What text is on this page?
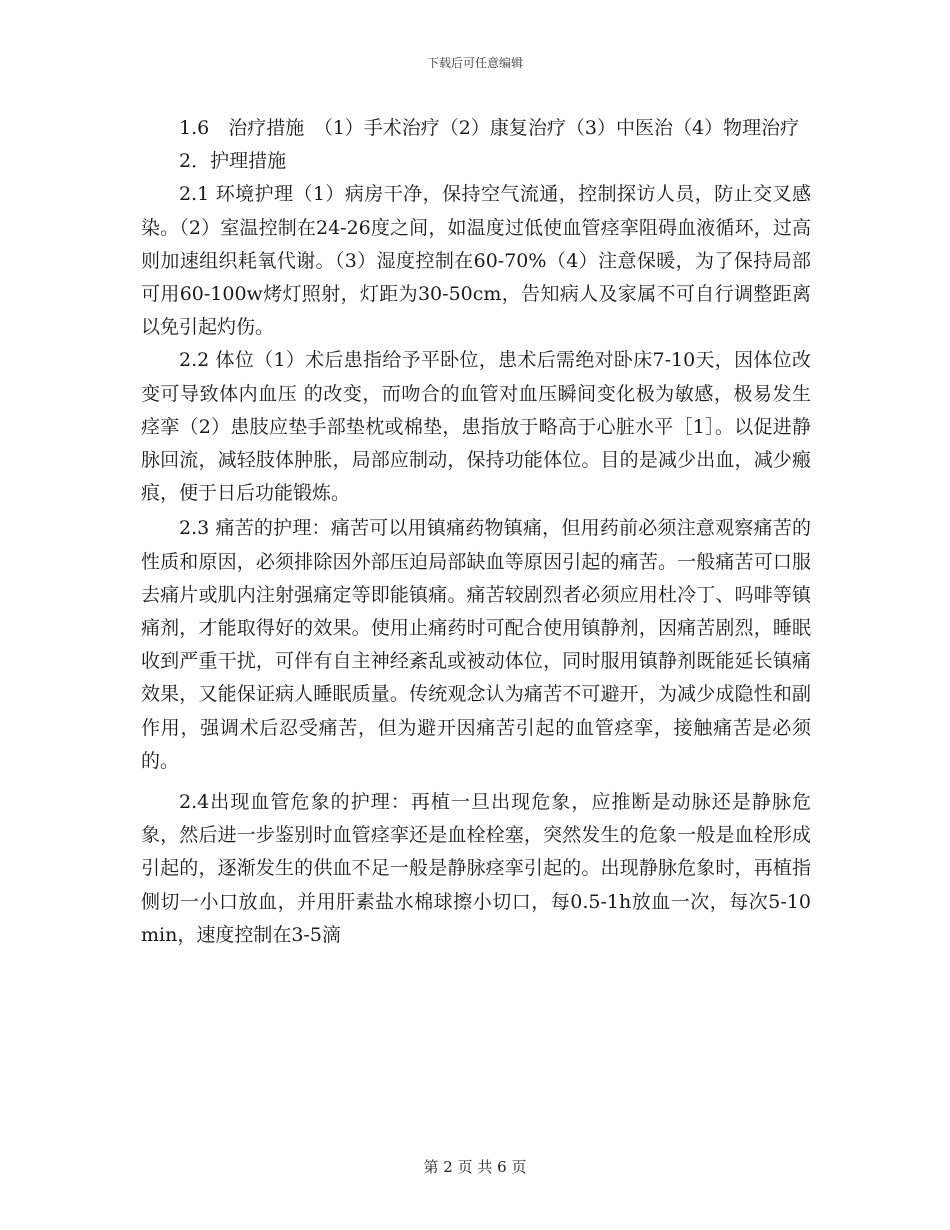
下载后可任意编辑

1.6　治疗措施　（1）手术治疗（2）康复治疗（3）中医治（4）物理治疗

2．护理措施

2.1 环境护理（1）病房干净，保持空气流通，控制探访人员，防止交叉感染。（2）室温控制在24-26度之间，如温度过低使血管痉挛阻碍血液循环，过高则加速组织耗氧代谢。（3）湿度控制在60-70%（4）注意保暖，为了保持局部可用60-100w烤灯照射，灯距为30-50cm，告知病人及家属不可自行调整距离以免引起灼伤。

2.2 体位（1）术后患指给予平卧位，患术后需绝对卧床7-10天，因体位改变可导致体内血压 的改变，而吻合的血管对血压瞬间变化极为敏感，极易发生痉挛（2）患肢应垫手部垫枕或棉垫，患指放于略高于心脏水平［1］。以促进静脉回流，减轻肢体肿胀，局部应制动，保持功能体位。目的是减少出血，减少瘢痕，便于日后功能锻炼。

2.3 痛苦的护理：痛苦可以用镇痛药物镇痛，但用药前必须注意观察痛苦的性质和原因，必须排除因外部压迫局部缺血等原因引起的痛苦。一般痛苦可口服去痛片或肌内注射强痛定等即能镇痛。痛苦较剧烈者必须应用杜冷丁、吗啡等镇痛剂，才能取得好的效果。使用止痛药时可配合使用镇静剂，因痛苦剧烈，睡眠收到严重干扰，可伴有自主神经紊乱或被动体位，同时服用镇静剂既能延长镇痛效果，又能保证病人睡眠质量。传统观念认为痛苦不可避开，为减少成隐性和副作用，强调术后忍受痛苦，但为避开因痛苦引起的血管痉挛，接触痛苦是必须的。

2.4出现血管危象的护理：再植一旦出现危象，应推断是动脉还是静脉危象，然后进一步鉴别时血管痉挛还是血栓栓塞，突然发生的危象一般是血栓形成引起的，逐渐发生的供血不足一般是静脉痉挛引起的。出现静脉危象时，再植指侧切一小口放血，并用肝素盐水棉球擦小切口，每0.5-1h放血一次，每次5-10min，速度控制在3-5滴

第 2 页 共 6 页
